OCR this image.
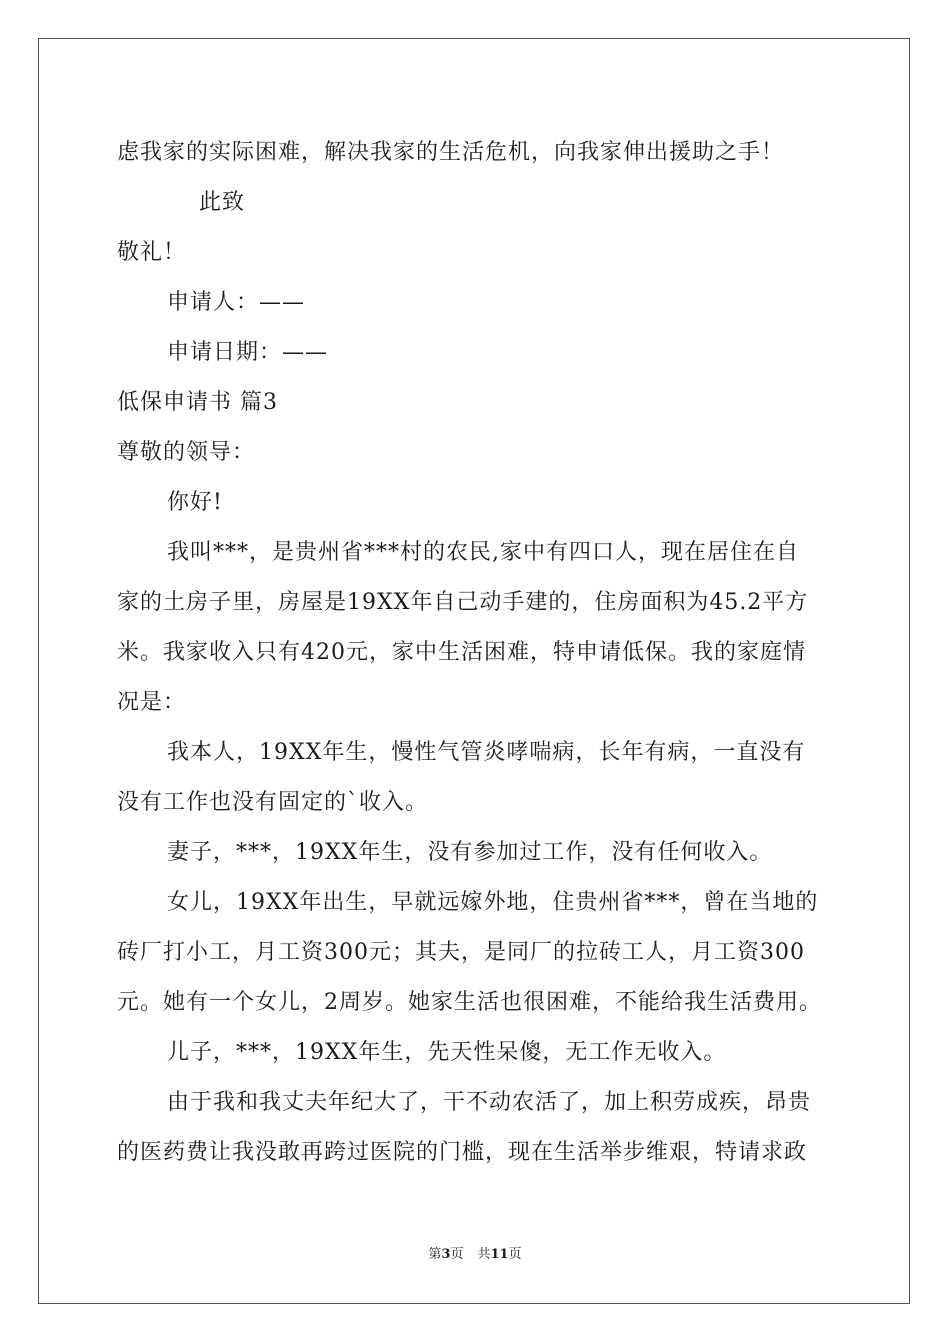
虑我家的实际困难，解决我家的生活危机，向我家伸出援助之手！
此致
敬礼！
申请人：——
申请日期：——
低保申请书 篇3
尊敬的领导：
你好!
我叫***，是贵州省***村的农民,家中有四口人，现在居住在自
家的土房子里，房屋是19XX年自己动手建的，住房面积为45.2平方
米。我家收入只有420元，家中生活困难，特申请低保。我的家庭情
况是：
我本人，19XX年生，慢性气管炎哮喘病，长年有病，一直没有
没有工作也没有固定的`收入。
妻子，***，19XX年生，没有参加过工作，没有任何收入。
女儿，19XX年出生，早就远嫁外地，住贵州省***，曾在当地的
砖厂打小工，月工资300元；其夫，是同厂的拉砖工人，月工资300
元。她有一个女儿，2周岁。她家生活也很困难，不能给我生活费用。
儿子，***，19XX年生，先天性呆傻，无工作无收入。
由于我和我丈夫年纪大了，干不动农活了，加上积劳成疾，昂贵
的医药费让我没敢再跨过医院的门槛，现在生活举步维艰，特请求政
第3页 共11页
